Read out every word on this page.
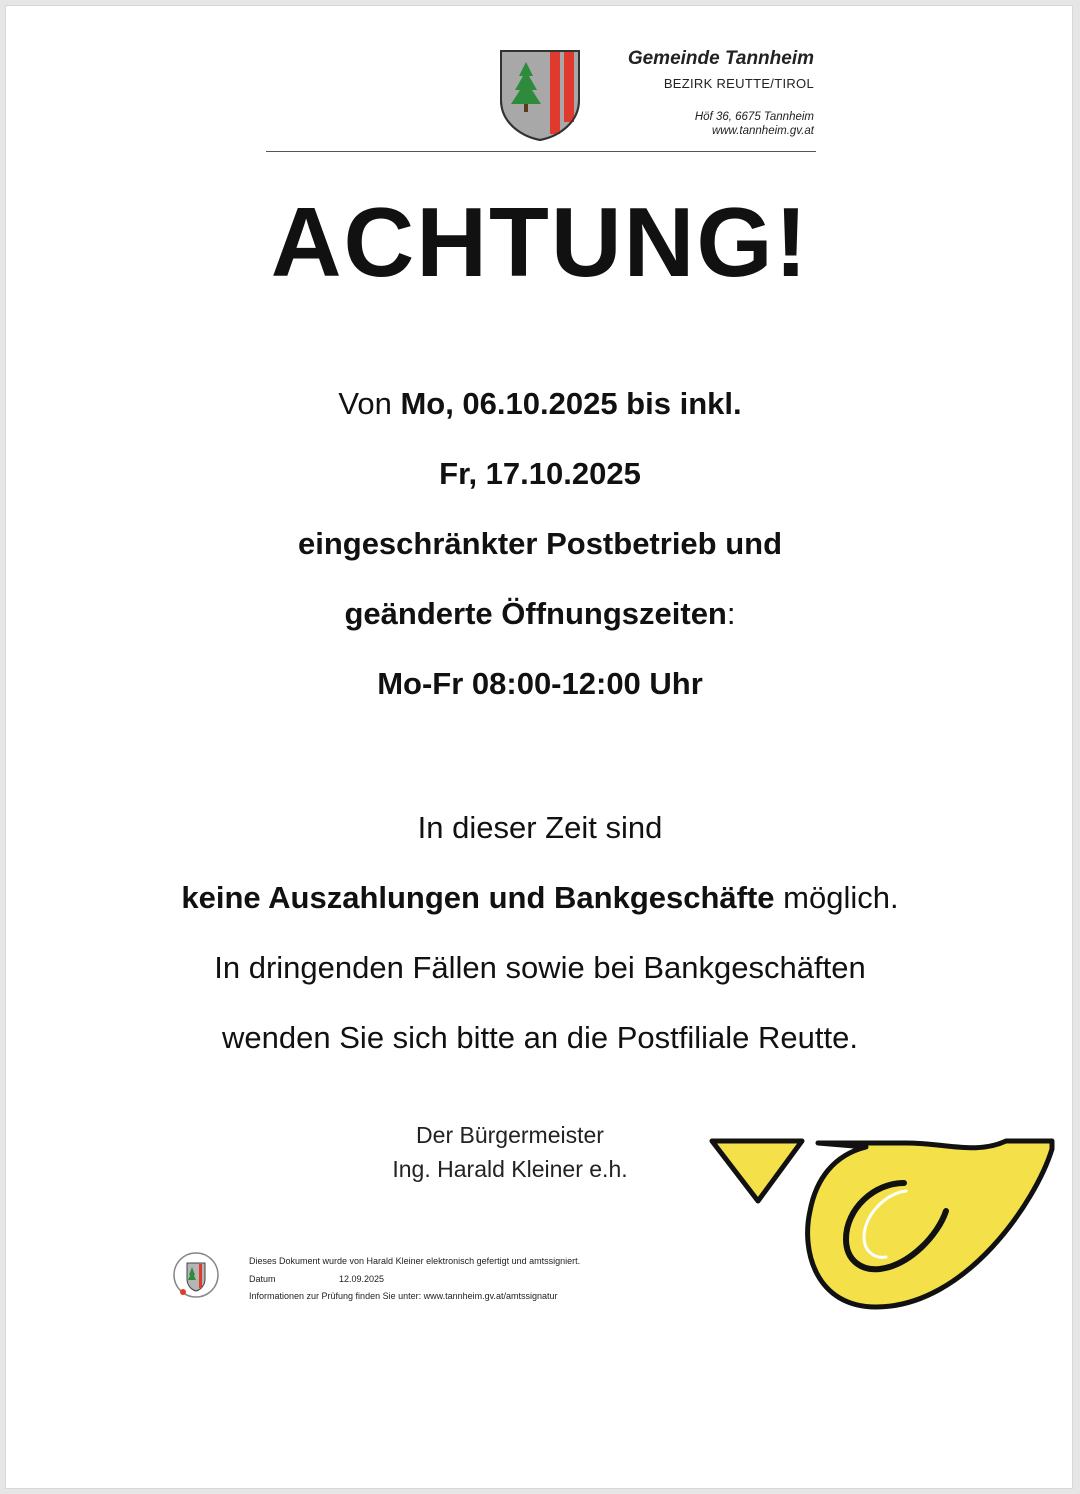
Gemeinde Tannheim
BEZIRK REUTTE/TIROL
Höf 36, 6675 Tannheim
www.tannheim.gv.at
ACHTUNG!
Von Mo, 06.10.2025 bis inkl.
Fr, 17.10.2025
eingeschränkter Postbetrieb und
geänderte Öffnungszeiten:
Mo-Fr 08:00-12:00 Uhr
In dieser Zeit sind
keine Auszahlungen und Bankgeschäfte möglich.
In dringenden Fällen sowie bei Bankgeschäften
wenden Sie sich bitte an die Postfiliale Reutte.
Der Bürgermeister
Ing. Harald Kleiner e.h.
Dieses Dokument wurde von Harald Kleiner elektronisch gefertigt und amtssigniert.
Datum	12.09.2025
Informationen zur Prüfung finden Sie unter: www.tannheim.gv.at/amtssignatur
